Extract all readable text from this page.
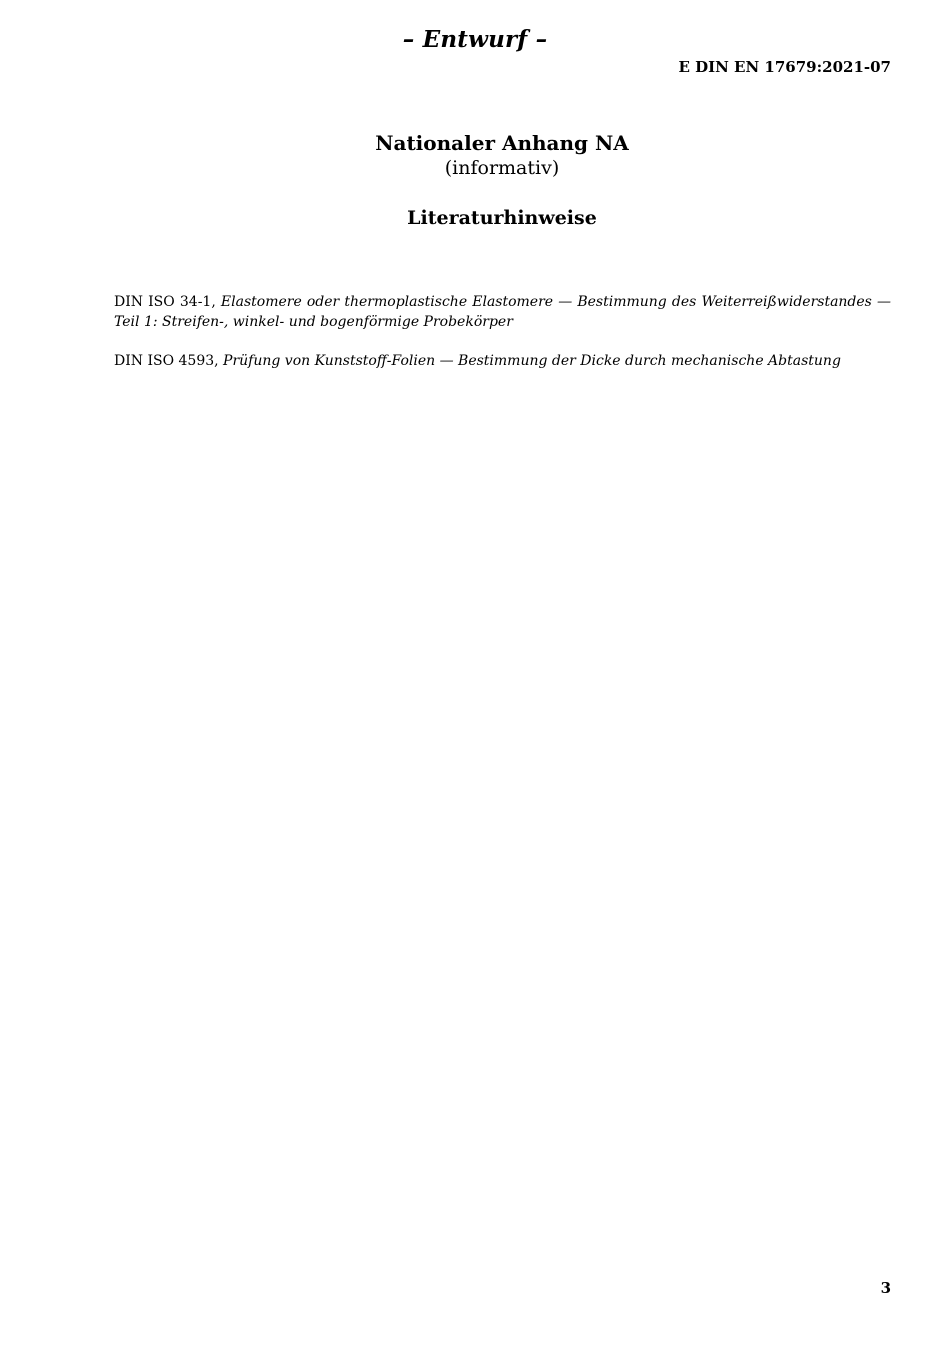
– Entwurf –
E DIN EN 17679:2021-07
Nationaler Anhang NA
(informativ)
Literaturhinweise

DIN ISO 34-1, Elastomere oder thermoplastische Elastomere — Bestimmung des Weiterreißwiderstandes — Teil 1: Streifen-, winkel- und bogenförmige Probekörper

DIN ISO 4593, Prüfung von Kunststoff-Folien — Bestimmung der Dicke durch mechanische Abtastung

3
